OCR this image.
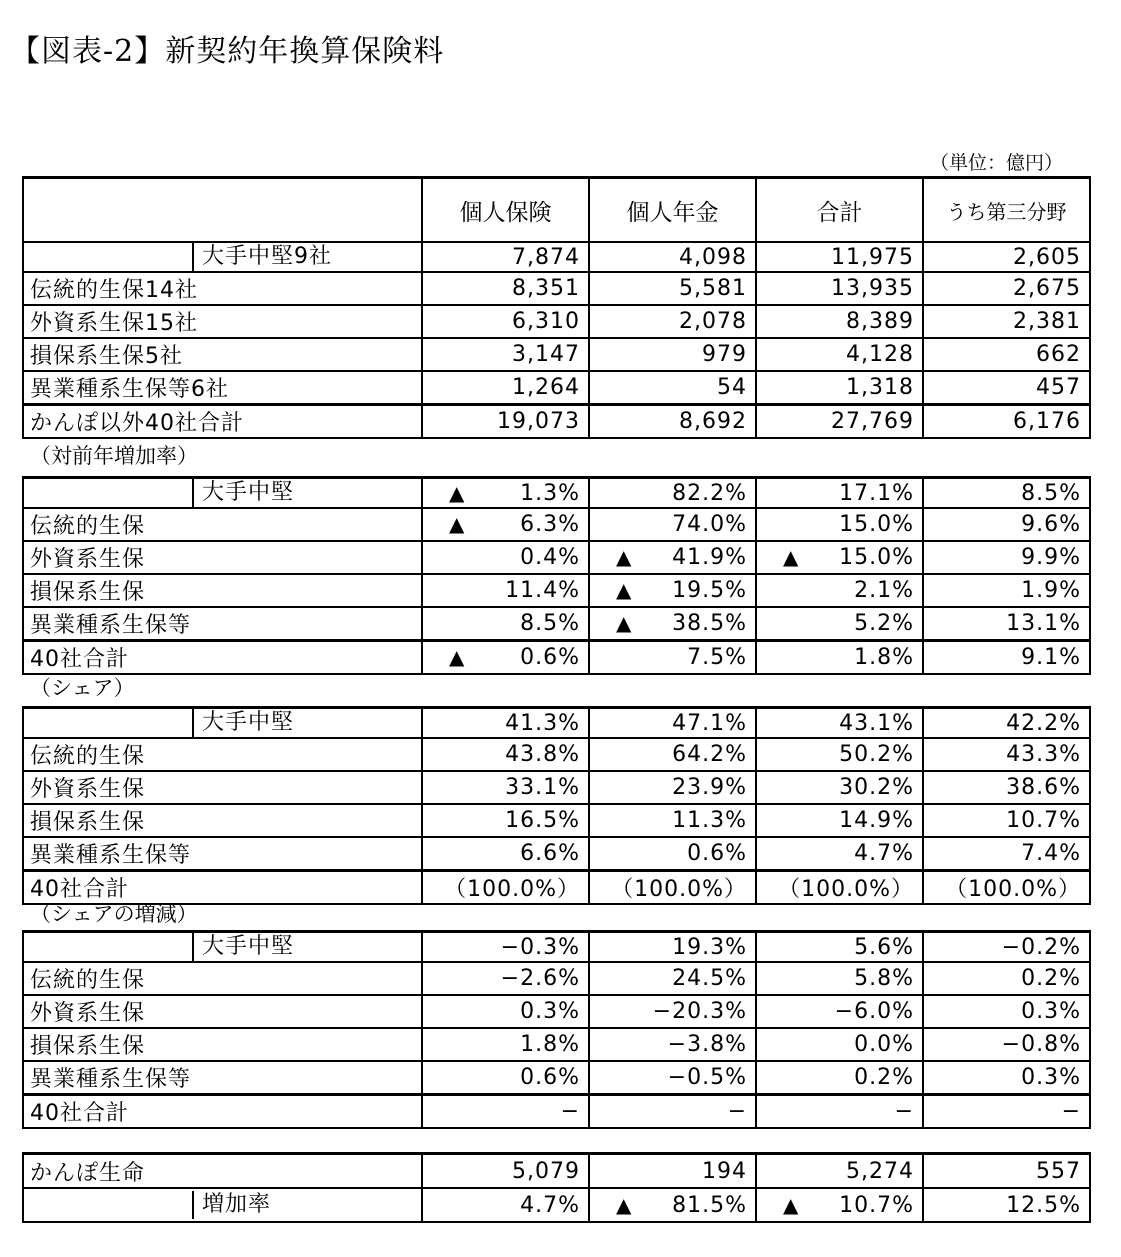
【図表-2】新契約年換算保険料
（単位：億円）
	個人保険	個人年金	合計	うち第三分野
大手中堅9社	7,874	4,098	11,975	2,605
伝統的生保14社	8,351	5,581	13,935	2,675
外資系生保15社	6,310	2,078	8,389	2,381
損保系生保5社	3,147	979	4,128	662
異業種系生保等6社	1,264	54	1,318	457
かんぽ以外40社合計	19,073	8,692	27,769	6,176
（対前年増加率）
大手中堅	▲ 1.3%	82.2%	17.1%	8.5%
伝統的生保	▲ 6.3%	74.0%	15.0%	9.6%
外資系生保	0.4%	▲ 41.9%	▲ 15.0%	9.9%
損保系生保	11.4%	▲ 19.5%	2.1%	1.9%
異業種系生保等	8.5%	▲ 38.5%	5.2%	13.1%
40社合計	▲ 0.6%	7.5%	1.8%	9.1%
（シェア）
大手中堅	41.3%	47.1%	43.1%	42.2%
伝統的生保	43.8%	64.2%	50.2%	43.3%
外資系生保	33.1%	23.9%	30.2%	38.6%
損保系生保	16.5%	11.3%	14.9%	10.7%
異業種系生保等	6.6%	0.6%	4.7%	7.4%
40社合計	（100.0%）	（100.0%）	（100.0%）	（100.0%）
（シェアの増減）
大手中堅	−0.3%	19.3%	5.6%	−0.2%
伝統的生保	−2.6%	24.5%	5.8%	0.2%
外資系生保	0.3%	−20.3%	−6.0%	0.3%
損保系生保	1.8%	−3.8%	0.0%	−0.8%
異業種系生保等	0.6%	−0.5%	0.2%	0.3%
40社合計	−	−	−	−
かんぽ生命	5,079	194	5,274	557
増加率	4.7%	▲ 81.5%	▲ 10.7%	12.5%
